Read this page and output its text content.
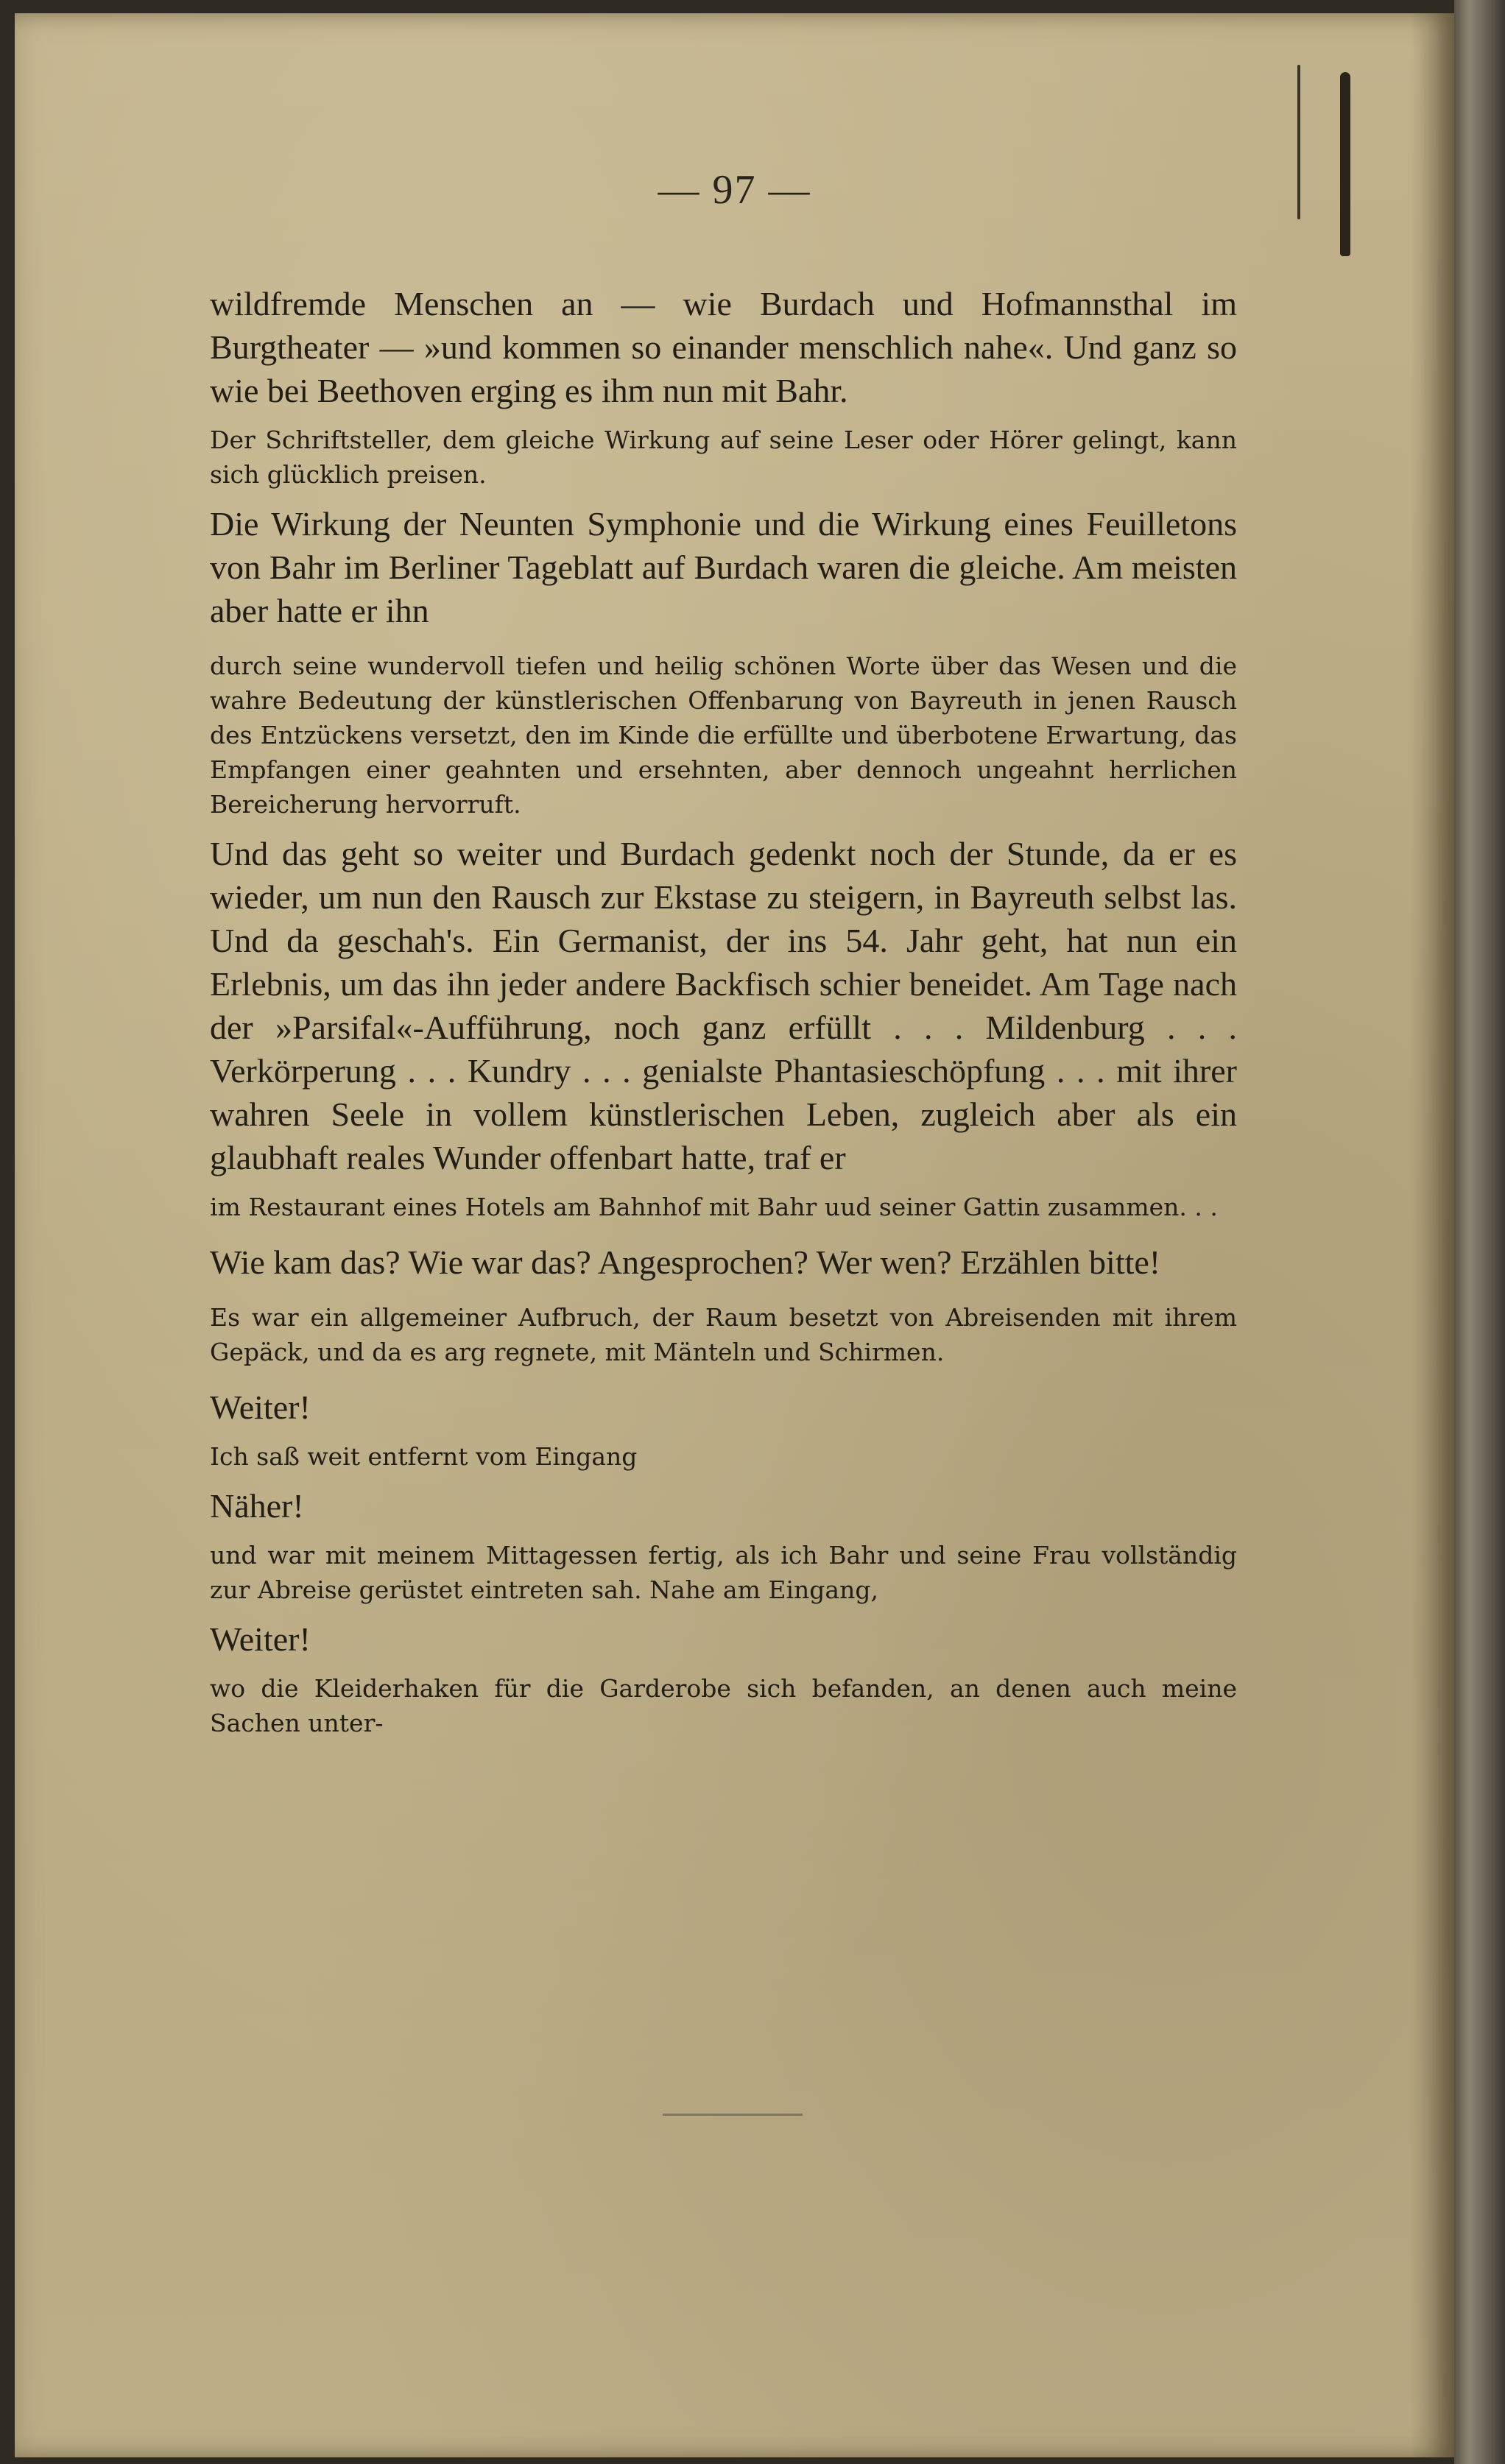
— 97 —

wildfremde Menschen an — wie Burdach und Hofmannsthal im Burgtheater — »und kommen so einander menschlich nahe«. Und ganz so wie bei Beethoven erging es ihm nun mit Bahr.

Der Schriftsteller, dem gleiche Wirkung auf seine Leser oder Hörer gelingt, kann sich glücklich preisen.

Die Wirkung der Neunten Symphonie und die Wirkung eines Feuilletons von Bahr im Berliner Tageblatt auf Burdach waren die gleiche. Am meisten aber hatte er ihn

durch seine wundervoll tiefen und heilig schönen Worte über das Wesen und die wahre Bedeutung der künstlerischen Offenbarung von Bayreuth in jenen Rausch des Entzückens versetzt, den im Kinde die erfüllte und überbotene Erwartung, das Empfangen einer geahnten und ersehnten, aber dennoch ungeahnt herrlichen Bereicherung hervorruft.

Und das geht so weiter und Burdach gedenkt noch der Stunde, da er es wieder, um nun den Rausch zur Ekstase zu steigern, in Bayreuth selbst las. Und da geschah's. Ein Germanist, der ins 54. Jahr geht, hat nun ein Erlebnis, um das ihn jeder andere Backfisch schier beneidet. Am Tage nach der »Parsifal«-Aufführung, noch ganz erfüllt . . . Mildenburg . . . Verkörperung . . . Kundry . . . genialste Phantasieschöpfung . . . mit ihrer wahren Seele in vollem künstlerischen Leben, zugleich aber als ein glaubhaft reales Wunder offenbart hatte, traf er

im Restaurant eines Hotels am Bahnhof mit Bahr uud seiner Gattin zusammen. . .

Wie kam das? Wie war das? Angesprochen? Wer wen? Erzählen bitte!

Es war ein allgemeiner Aufbruch, der Raum besetzt von Abreisenden mit ihrem Gepäck, und da es arg regnete, mit Mänteln und Schirmen.

Weiter!

Ich saß weit entfernt vom Eingang

Näher!

und war mit meinem Mittagessen fertig, als ich Bahr und seine Frau vollständig zur Abreise gerüstet eintreten sah. Nahe am Eingang,

Weiter!

wo die Kleiderhaken für die Garderobe sich befanden, an denen auch meine Sachen unter-
